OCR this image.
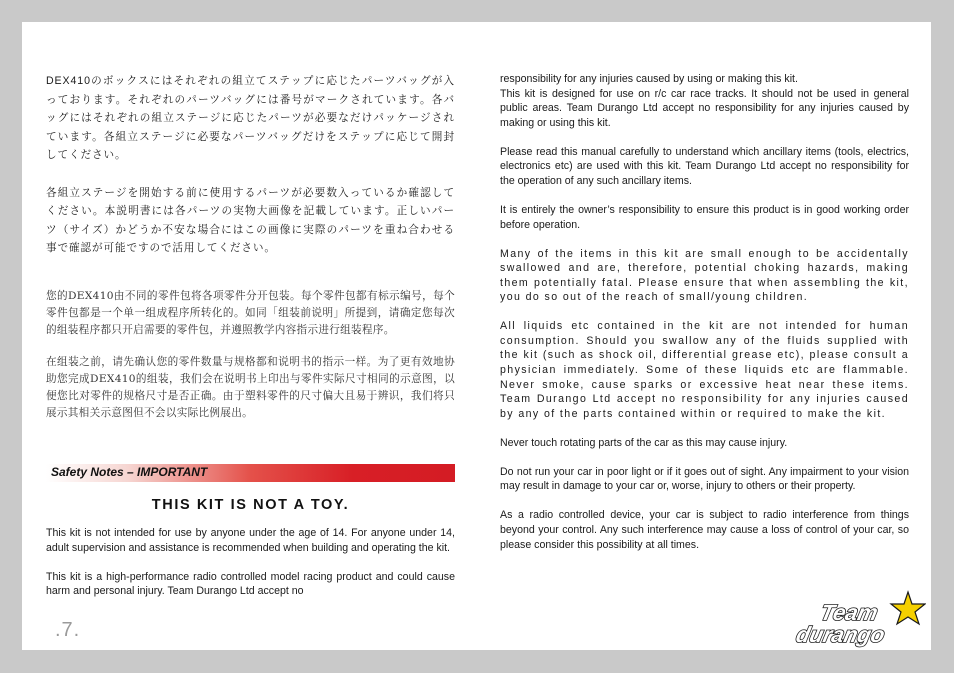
DEX410のボックスにはそれぞれの組立てステップに応じたパーツバッグが入っております。それぞれのパーツバッグには番号がマークされています。各バッグにはそれぞれの組立ステージに応じたパーツが必要なだけパッケージされています。各組立ステージに必要なパーツバッグだけをステップに応じて開封してください。

各組立ステージを開始する前に使用するパーツが必要数入っているか確認してください。本説明書には各パーツの実物大画像を記載しています。正しいパーツ（サイズ）かどうか不安な場合にはこの画像に実際のパーツを重ね合わせる事で確認が可能ですので活用してください。

您的DEX410由不同的零件包将各项零件分开包装。每个零件包都有标示编号，每个零件包都是一个单一组成程序所转化的。如同「组装前说明」所提到，请确定您每次的组装程序都只开启需要的零件包，并遵照教学内容指示进行组装程序。

在组装之前，请先确认您的零件数量与规格都和说明书的指示一样。为了更有效地协助您完成DEX410的组装，我们会在说明书上印出与零件实际尺寸相同的示意图，以便您比对零件的规格尺寸是否正确。由于塑料零件的尺寸偏大且易于辨识，我们将只展示其相关示意图但不会以实际比例展出。

Safety Notes – IMPORTANT
THIS KIT IS NOT A TOY.

This kit is not intended for use by anyone under the age of 14. For anyone under 14, adult supervision and assistance is recommended when building and operating the kit.

This kit is a high-performance radio controlled model racing product and could cause harm and personal injury. Team Durango Ltd accept no

responsibility for any injuries caused by using or making this kit.
This kit is designed for use on r/c car race tracks. It should not be used in general public areas. Team Durango Ltd accept no responsibility for any injuries caused by making or using this kit.

Please read this manual carefully to understand which ancillary items (tools, electrics, electronics etc) are used with this kit. Team Durango Ltd accept no responsibility for the operation of any such ancillary items.

It is entirely the owner’s responsibility to ensure this product is in good working order before operation.

Many of the items in this kit are small enough to be accidentally swallowed and are, therefore, potential choking hazards, making them potentially fatal. Please ensure that when assembling the kit, you do so out of the reach of small/young children.

All liquids etc contained in the kit are not intended for human consumption. Should you swallow any of the fluids supplied with the kit (such as shock oil, differential grease etc), please consult a physician immediately. Some of these liquids etc are flammable. Never smoke, cause sparks or excessive heat near these items. Team Durango Ltd accept no responsibility for any injuries caused by any of the parts contained within or required to make the kit.

Never touch rotating parts of the car as this may cause injury.

Do not run your car in poor light or if it goes out of sight. Any impairment to your vision may result in damage to your car or, worse, injury to others or their property.

As a radio controlled device, your car is subject to radio interference from things beyond your control. Any such interference may cause a loss of control of your car, so please consider this possibility at all times.

.7.
Team
durango
